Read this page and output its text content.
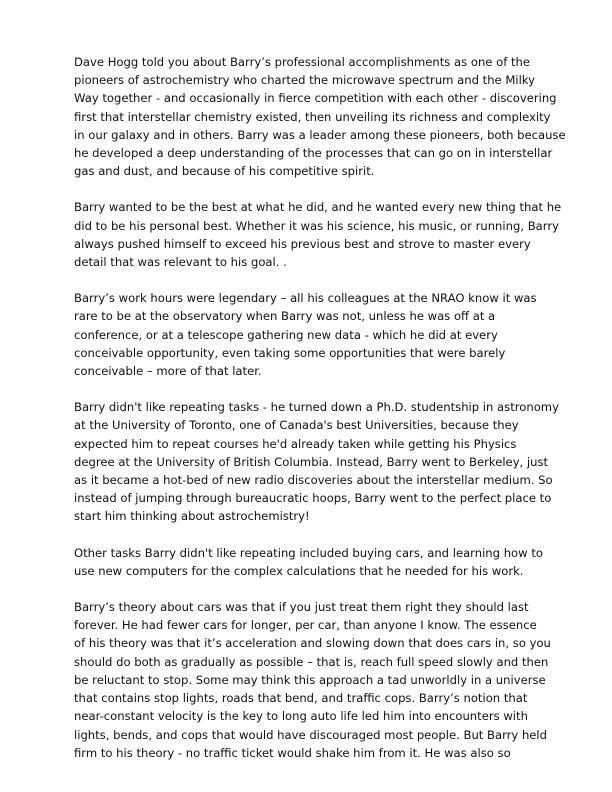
Dave Hogg told you about Barry’s professional accomplishments as one of the
pioneers of astrochemistry who charted the microwave spectrum and the Milky
Way together - and occasionally in fierce competition with each other - discovering
first that interstellar chemistry existed, then unveiling its richness and complexity
in our galaxy and in others. Barry was a leader among these pioneers, both because
he developed a deep understanding of the processes that can go on in interstellar
gas and dust, and because of his competitive spirit.

Barry wanted to be the best at what he did, and he wanted every new thing that he
did to be his personal best. Whether it was his science, his music, or running, Barry
always pushed himself to exceed his previous best and strove to master every
detail that was relevant to his goal. .

Barry’s work hours were legendary – all his colleagues at the NRAO know it was
rare to be at the observatory when Barry was not, unless he was off at a
conference, or at a telescope gathering new data - which he did at every
conceivable opportunity, even taking some opportunities that were barely
conceivable – more of that later.

Barry didn't like repeating tasks - he turned down a Ph.D. studentship in astronomy
at the University of Toronto, one of Canada's best Universities, because they
expected him to repeat courses he'd already taken while getting his Physics
degree at the University of British Columbia. Instead, Barry went to Berkeley, just
as it became a hot-bed of new radio discoveries about the interstellar medium. So
instead of jumping through bureaucratic hoops, Barry went to the perfect place to
start him thinking about astrochemistry!

Other tasks Barry didn't like repeating included buying cars, and learning how to
use new computers for the complex calculations that he needed for his work.

Barry’s theory about cars was that if you just treat them right they should last
forever. He had fewer cars for longer, per car, than anyone I know. The essence
of his theory was that it’s acceleration and slowing down that does cars in, so you
should do both as gradually as possible – that is, reach full speed slowly and then
be reluctant to stop. Some may think this approach a tad unworldly in a universe
that contains stop lights, roads that bend, and traffic cops. Barry’s notion that
near-constant velocity is the key to long auto life led him into encounters with
lights, bends, and cops that would have discouraged most people. But Barry held
firm to his theory - no traffic ticket would shake him from it. He was also so
